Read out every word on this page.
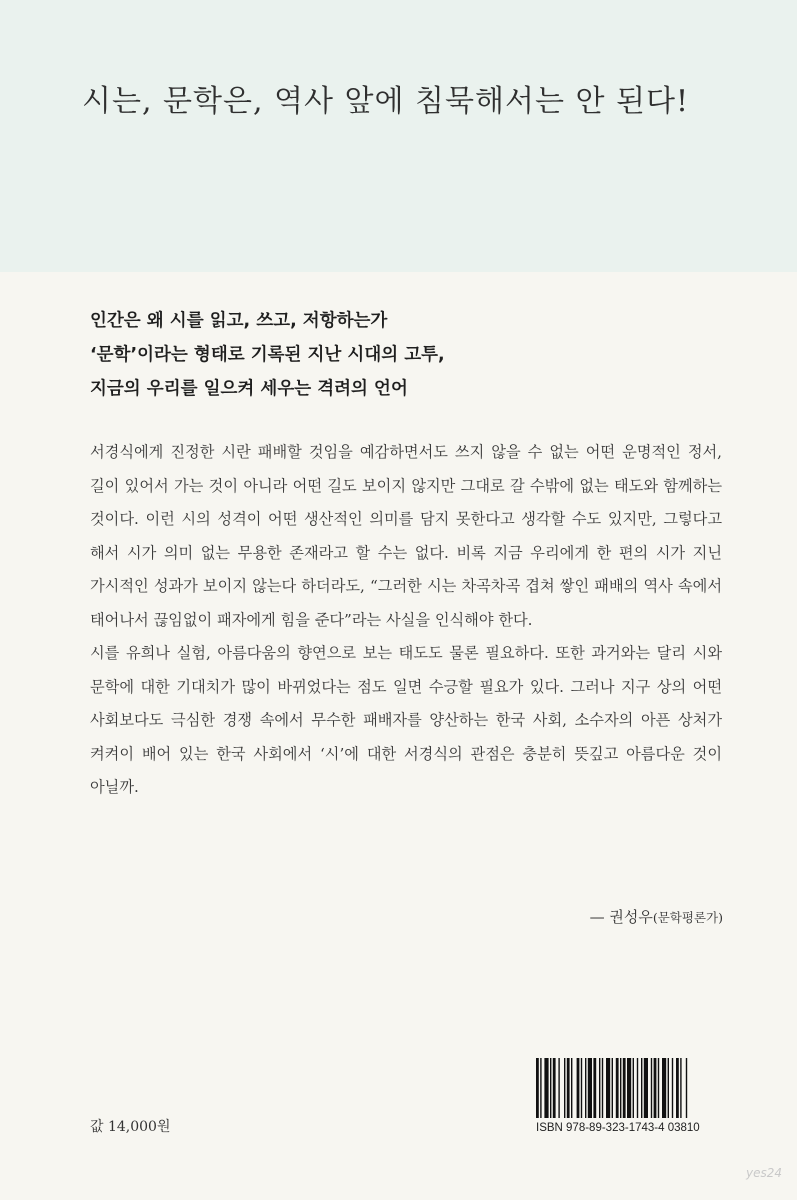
시는, 문학은, 역사 앞에 침묵해서는 안 된다!
인간은 왜 시를 읽고, 쓰고, 저항하는가
‘문학’이라는 형태로 기록된 지난 시대의 고투,
지금의 우리를 일으켜 세우는 격려의 언어

서경식에게 진정한 시란 패배할 것임을 예감하면서도 쓰지 않을 수 없는 어떤 운명적인 정서, 길이 있어서 가는 것이 아니라 어떤 길도 보이지 않지만 그대로 갈 수밖에 없는 태도와 함께하는 것이다. 이런 시의 성격이 어떤 생산적인 의미를 담지 못한다고 생각할 수도 있지만, 그렇다고 해서 시가 의미 없는 무용한 존재라고 할 수는 없다. 비록 지금 우리에게 한 편의 시가 지닌 가시적인 성과가 보이지 않는다 하더라도, “그러한 시는 차곡차곡 겹쳐 쌓인 패배의 역사 속에서 태어나서 끊임없이 패자에게 힘을 준다”라는 사실을 인식해야 한다.

시를 유희나 실험, 아름다움의 향연으로 보는 태도도 물론 필요하다. 또한 과거와는 달리 시와 문학에 대한 기대치가 많이 바뀌었다는 점도 일면 수긍할 필요가 있다. 그러나 지구 상의 어떤 사회보다도 극심한 경쟁 속에서 무수한 패배자를 양산하는 한국 사회, 소수자의 아픈 상처가 켜켜이 배어 있는 한국 사회에서 ‘시’에 대한 서경식의 관점은 충분히 뜻깊고 아름다운 것이 아닐까.

— 권성우(문학평론가)
ISBN 978-89-323-1743-4 03810
값 14,000원
yes24
